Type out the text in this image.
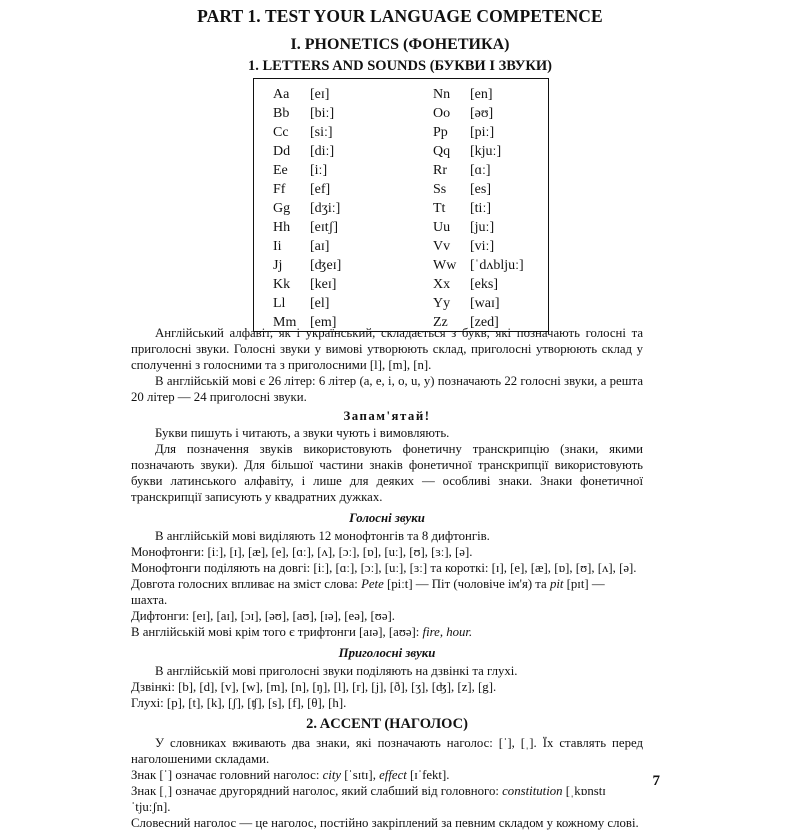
PART 1. TEST YOUR LANGUAGE COMPETENCE
I. PHONETICS (ФОНЕТИКА)
1. LETTERS AND SOUNDS (БУКВИ І ЗВУКИ)
Aa [eɪ]
Bb [biː]
Cc [siː]
Dd [diː]
Ee [iː]
Ff [ef]
Gg [dʒiː]
Hh [eɪtʃ]
Ii [aɪ]
Jj [ʤeɪ]
Kk [keɪ]
Ll [el]
Mm [em]
Nn [en]
Oo [əʊ]
Pp [piː]
Qq [kjuː]
Rr [ɑː]
Ss [es]
Tt [tiː]
Uu [juː]
Vv [viː]
Ww [ˈdʌbljuː]
Xx [eks]
Yy [waɪ]
Zz [zed]

Англійський алфавіт, як і український, складається з букв, які позначають голосні та приголосні звуки. Голосні звуки у вимові утворюють склад, приголосні утворюють склад у сполученні з голосними та з приголосними [l], [m], [n].

В англійській мові є 26 літер: 6 літер (a, e, i, o, u, y) позначають 22 голосні звуки, а решта 20 літер — 24 приголосні звуки.

Запам'ятай!

Букви пишуть і читають, а звуки чують і вимовляють.

Для позначення звуків використовують фонетичну транскрипцію (знаки, якими позначають звуки). Для більшої частини знаків фонетичної транскрипції використовують букви латинського алфавіту, і лише для деяких — особливі знаки. Знаки фонетичної транскрипції записують у квадратних дужках.

Голосні звуки

В англійській мові виділяють 12 монофтонгів та 8 дифтонгів.

Монофтонги: [iː], [ɪ], [æ], [e], [ɑː], [ʌ], [ɔː], [ɒ], [uː], [ʊ], [ɜː], [ə].

Монофтонги поділяють на довгі: [iː], [ɑː], [ɔː], [uː], [ɜː] та короткі: [ɪ], [e], [æ], [ɒ], [ʊ], [ʌ], [ə].

Довгота голосних впливає на зміст слова: Pete [piːt] — Піт (чоловіче ім'я) та pit [pɪt] — шахта.

Дифтонги: [eɪ], [aɪ], [ɔɪ], [əʊ], [aʊ], [ɪə], [eə], [ʊə].

В англійській мові крім того є трифтонги [aɪə], [aʊə]: fire, hour.

Приголосні звуки

В англійській мові приголосні звуки поділяють на дзвінкі та глухі.

Дзвінкі: [b], [d], [v], [w], [m], [n], [ŋ], [l], [r], [j], [ð], [ʒ], [ʤ], [z], [g].

Глухі: [p], [t], [k], [ʃ], [ʧ], [s], [f], [θ], [h].

2. ACCENT (НАГОЛОС)

У словниках вживають два знаки, які позначають наголос: [ˈ], [ˌ]. Їх ставлять перед наголошеними складами.

Знак [ˈ] означає головний наголос: city [ˈsɪtɪ], effect [ɪˈfekt].

Знак [ˌ] означає другорядний наголос, який слабший від головного: constitution [ˌkɒnstɪˈtjuːʃn].

Словесний наголос — це наголос, постійно закріплений за певним складом у кожному слові.

7
